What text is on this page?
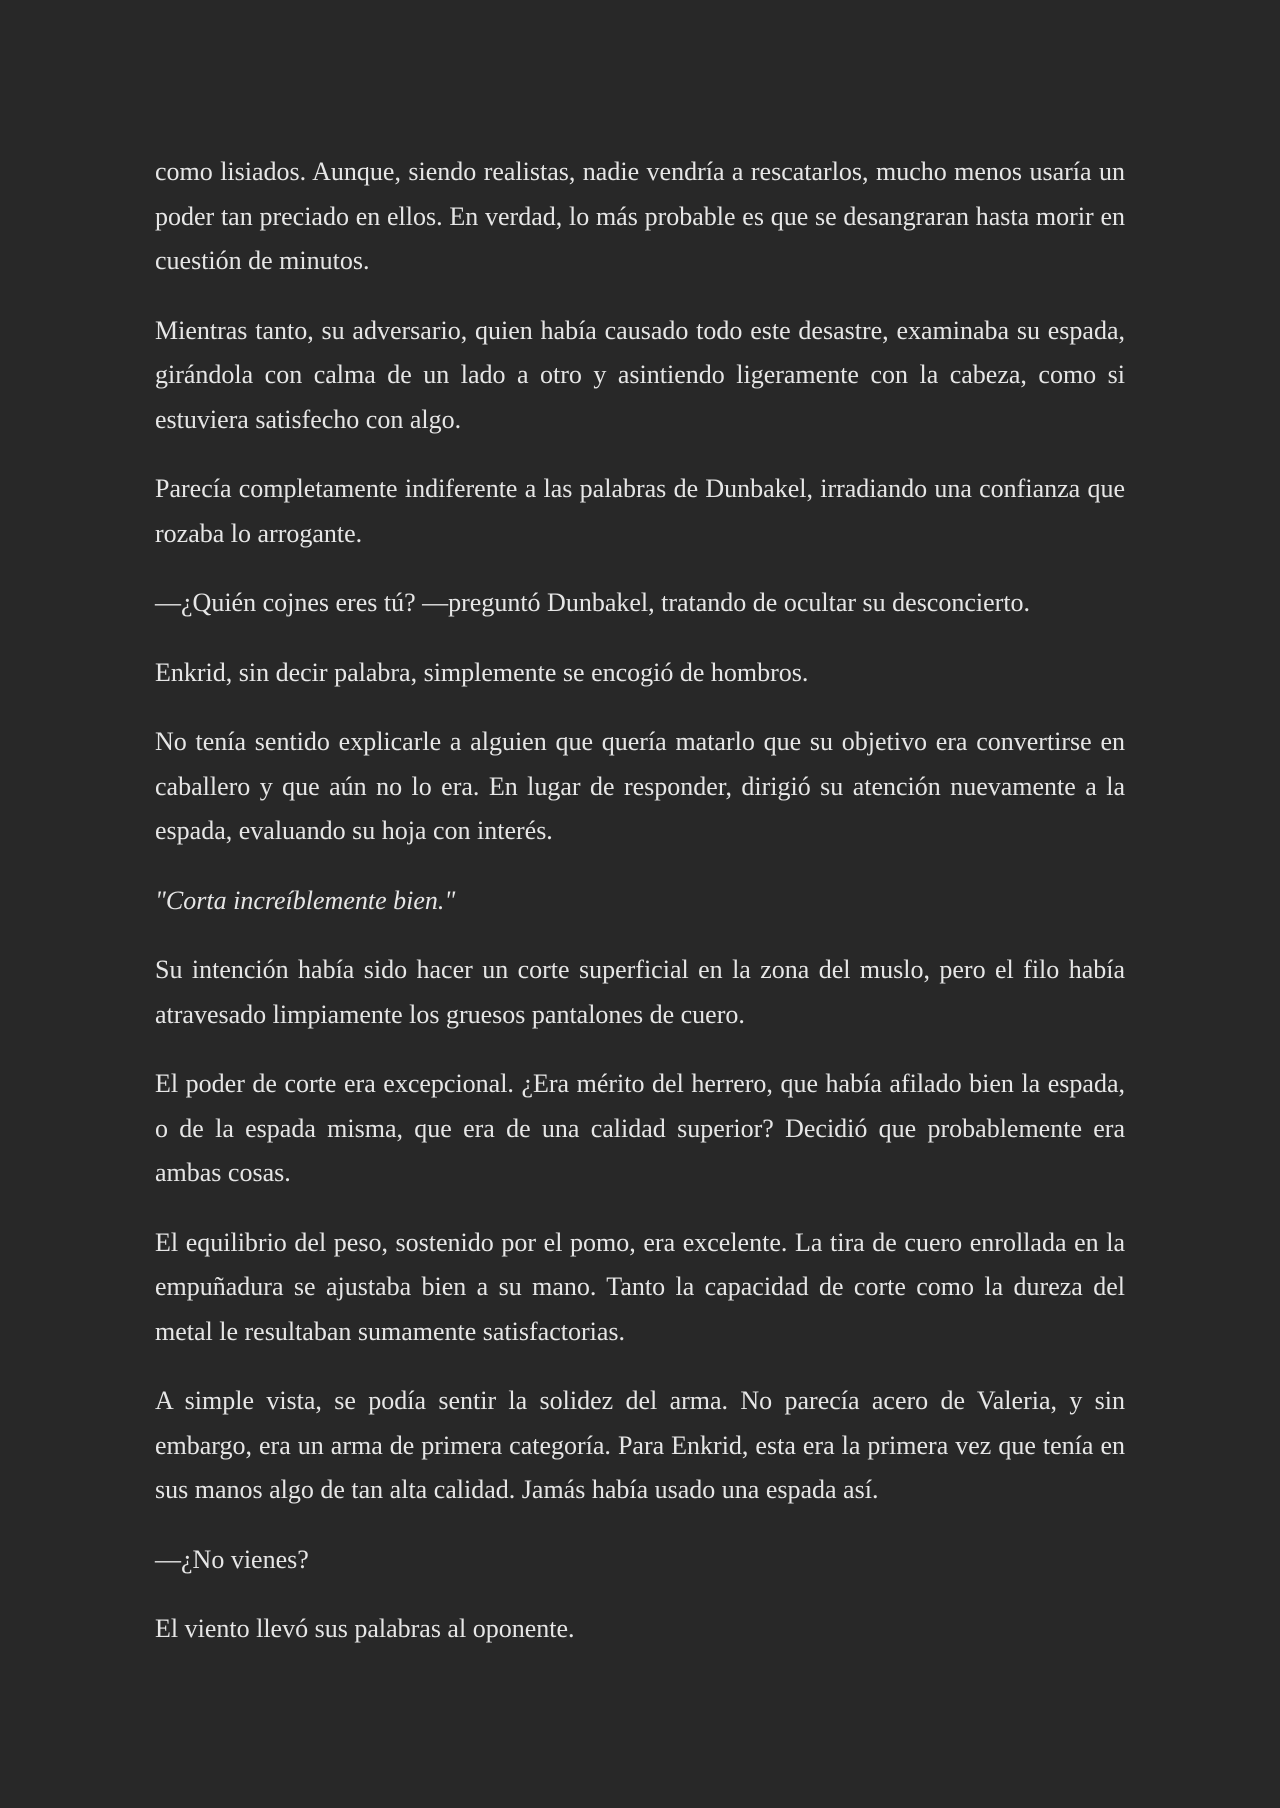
como lisiados. Aunque, siendo realistas, nadie vendría a rescatarlos, mucho menos usaría un poder tan preciado en ellos. En verdad, lo más probable es que se desangraran hasta morir en cuestión de minutos.

Mientras tanto, su adversario, quien había causado todo este desastre, examinaba su espada, girándola con calma de un lado a otro y asintiendo ligeramente con la cabeza, como si estuviera satisfecho con algo.

Parecía completamente indiferente a las palabras de Dunbakel, irradiando una confianza que rozaba lo arrogante.

—¿Quién cojnes eres tú? —preguntó Dunbakel, tratando de ocultar su desconcierto.

Enkrid, sin decir palabra, simplemente se encogió de hombros.

No tenía sentido explicarle a alguien que quería matarlo que su objetivo era convertirse en caballero y que aún no lo era. En lugar de responder, dirigió su atención nuevamente a la espada, evaluando su hoja con interés.

"Corta increíblemente bien."

Su intención había sido hacer un corte superficial en la zona del muslo, pero el filo había atravesado limpiamente los gruesos pantalones de cuero.

El poder de corte era excepcional. ¿Era mérito del herrero, que había afilado bien la espada, o de la espada misma, que era de una calidad superior? Decidió que probablemente era ambas cosas.

El equilibrio del peso, sostenido por el pomo, era excelente. La tira de cuero enrollada en la empuñadura se ajustaba bien a su mano. Tanto la capacidad de corte como la dureza del metal le resultaban sumamente satisfactorias.

A simple vista, se podía sentir la solidez del arma. No parecía acero de Valeria, y sin embargo, era un arma de primera categoría. Para Enkrid, esta era la primera vez que tenía en sus manos algo de tan alta calidad. Jamás había usado una espada así.

—¿No vienes?

El viento llevó sus palabras al oponente.
